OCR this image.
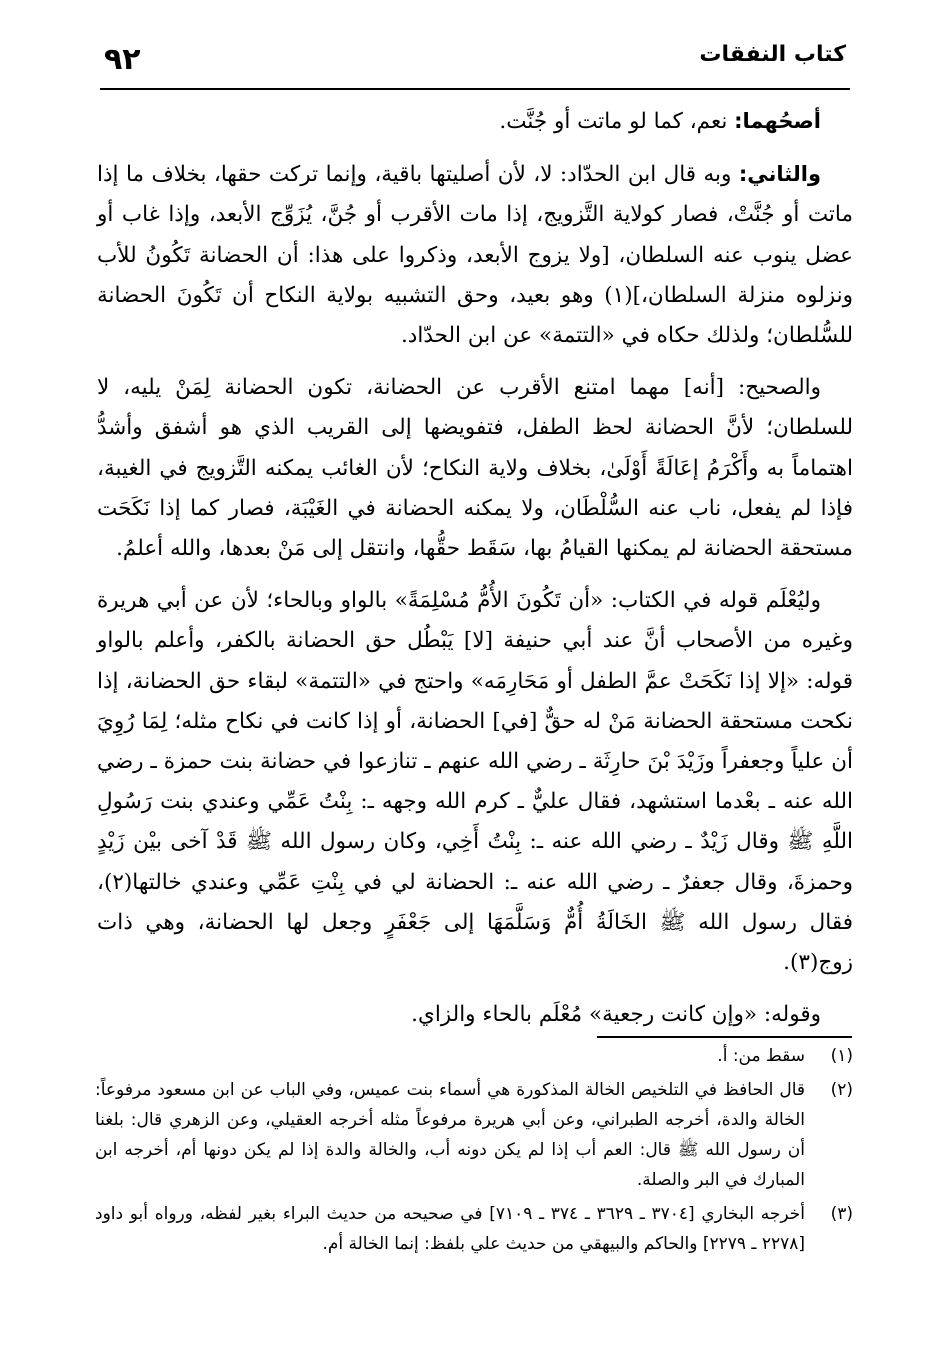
٩٢	كتاب النفقات

أصحُهما: نعم، كما لو ماتت أو جُنَّت.

والثاني: وبه قال ابن الحدّاد: لا، لأن أصليتها باقية، وإنما تركت حقها، بخلاف ما إذا ماتت أو جُنَّتْ، فصار كولاية التَّزويج، إذا مات الأقرب أو جُنَّ، يُزَوِّج الأبعد، وإذا غاب أو عضل ينوب عنه السلطان، [ولا يزوج الأبعد، وذكروا على هذا: أن الحضانة تَكُونُ للأب ونزلوه منزلة السلطان،](١) وهو بعيد، وحق التشبيه بولاية النكاح أن تَكُونَ الحضانة للسُّلطان؛ ولذلك حكاه في «التتمة» عن ابن الحدّاد.

والصحيح: [أنه] مهما امتنع الأقرب عن الحضانة، تكون الحضانة لِمَنْ يليه، لا للسلطان؛ لأنَّ الحضانة لحظ الطفل، فتفويضها إلى القريب الذي هو أشفق وأشدُّ اهتماماً به وأَكْرَمُ إعَالَةً أَوْلَىٰ، بخلاف ولاية النكاح؛ لأن الغائب يمكنه التَّزويج في الغيبة، فإذا لم يفعل، ناب عنه السُّلْطَان، ولا يمكنه الحضانة في الغَيْبَة، فصار كما إذا نَكَحَت مستحقة الحضانة لم يمكنها القيامُ بها، سَقَط حقُّها، وانتقل إلى مَنْ بعدها، والله أعلمُ.

وليُعْلَم قوله في الكتاب: «أن تَكُونَ الأُمُّ مُسْلِمَةً» بالواو وبالحاء؛ لأن عن أبي هريرة وغيره من الأصحاب أنَّ عند أبي حنيفة [لا] يَبْطُل حق الحضانة بالكفر، وأعلم بالواو قوله: «إلا إذا نَكَحَتْ عمَّ الطفل أو مَحَارِمَه» واحتج في «التتمة» لبقاء حق الحضانة، إذا نكحت مستحقة الحضانة مَنْ له حقٌّ [في] الحضانة، أو إذا كانت في نكاح مثله؛ لِمَا رُوِيَ أن علياً وجعفراً وزَيْدَ بْنَ حارِثَة ـ رضي الله عنهم ـ تنازعوا في حضانة بنت حمزة ـ رضي الله عنه ـ بعْدما استشهد، فقال عليٌّ ـ كرم الله وجهه ـ: بِنْتُ عَمِّي وعندي بنت رَسُولِ اللَّهِ ﷺ وقال زَيْدٌ ـ رضي الله عنه ـ: بِنْتُ أَخِي، وكان رسول الله ﷺ قَدْ آخى بيْن زَيْدٍ وحمزةَ، وقال جعفرٌ ـ رضي الله عنه ـ: الحضانة لي في بِنْتِ عَمِّي وعندي خالتها(٢)، فقال رسول الله ﷺ الخَالَةُ أُمٌّ وَسَلَّمَهَا إلى جَعْفَرٍ وجعل لها الحضانة، وهي ذات زوج(٣).

وقوله: «وإن كانت رجعية» مُعْلَم بالحاء والزاي.

(١)
سقط من: أ.
(٢)
قال الحافظ في التلخيص الخالة المذكورة هي أسماء بنت عميس، وفي الباب عن ابن مسعود مرفوعاً: الخالة والدة، أخرجه الطبراني، وعن أبي هريرة مرفوعاً مثله أخرجه العقيلي، وعن الزهري قال: بلغنا أن رسول الله ﷺ قال: العم أب إذا لم يكن دونه أب، والخالة والدة إذا لم يكن دونها أم، أخرجه ابن المبارك في البر والصلة.
(٣)
أخرجه البخاري [٣٧٠٤ ـ ٣٦٢٩ ـ ٣٧٤ ـ ٧١٠٩] في صحيحه من حديث البراء بغير لفظه، ورواه أبو داود [٢٢٧٨ ـ ٢٢٧٩] والحاكم والبيهقي من حديث علي بلفظ: إنما الخالة أم.
